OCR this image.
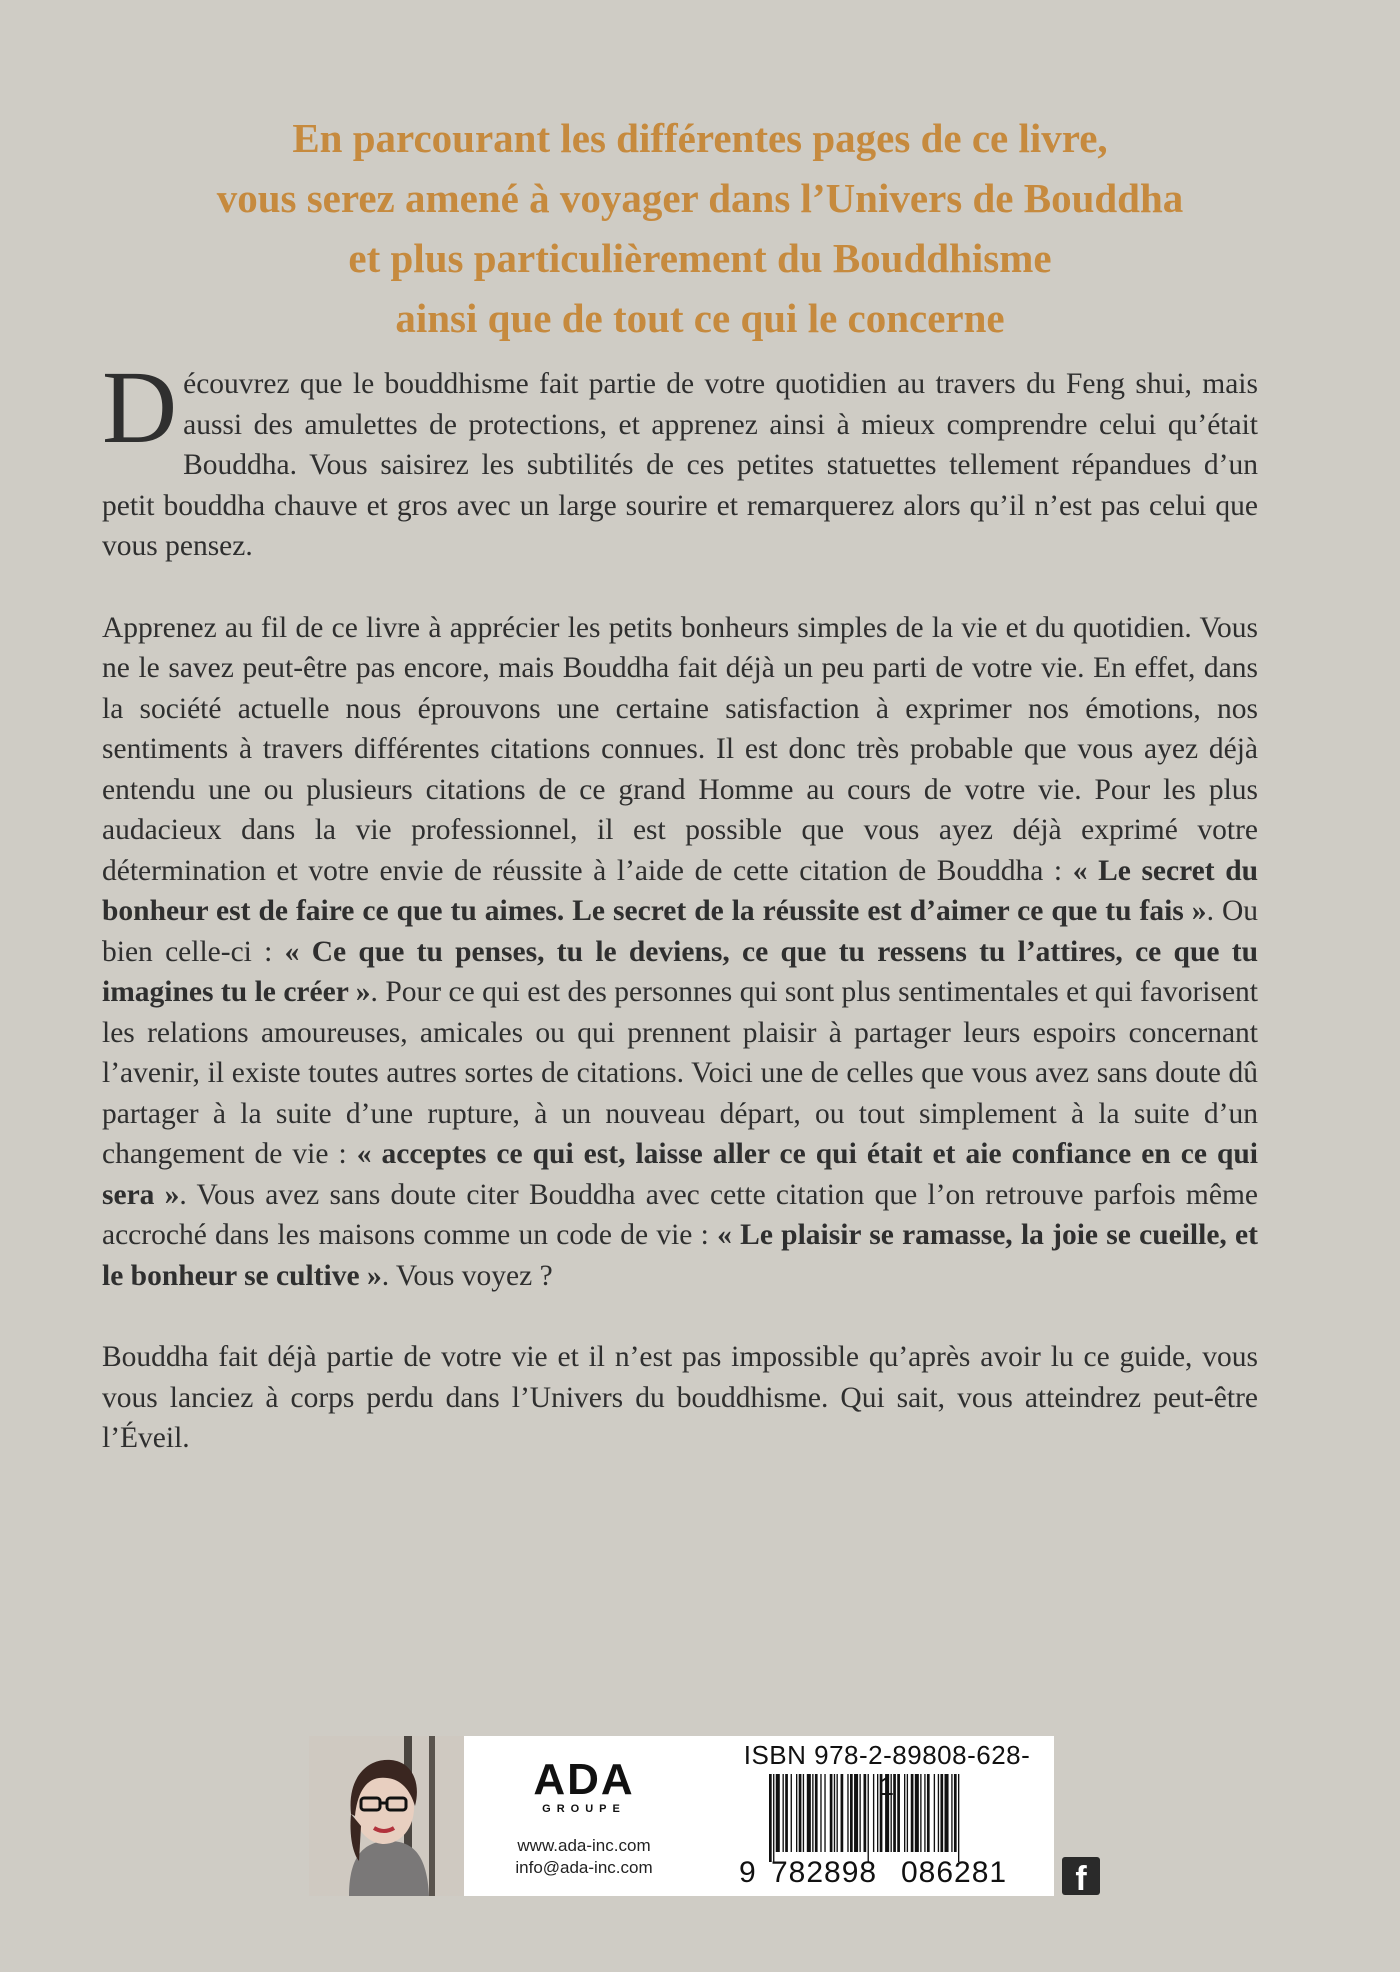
En parcourant les différentes pages de ce livre,
vous serez amené à voyager dans l’Univers de Bouddha
et plus particulièrement du Bouddhisme
ainsi que de tout ce qui le concerne

Découvrez que le bouddhisme fait partie de votre quotidien au travers du Feng shui, mais aussi des amulettes de protections, et apprenez ainsi à mieux comprendre celui qu’était Bouddha. Vous saisirez les subtilités de ces petites statuettes tellement répandues d’un petit bouddha chauve et gros avec un large sourire et remarquerez alors qu’il n’est pas celui que vous pensez.

Apprenez au fil de ce livre à apprécier les petits bonheurs simples de la vie et du quotidien. Vous ne le savez peut-être pas encore, mais Bouddha fait déjà un peu parti de votre vie. En effet, dans la société actuelle nous éprouvons une certaine satisfaction à exprimer nos émotions, nos sentiments à travers différentes citations connues. Il est donc très probable que vous ayez déjà entendu une ou plusieurs citations de ce grand Homme au cours de votre vie. Pour les plus audacieux dans la vie professionnel, il est possible que vous ayez déjà exprimé votre détermination et votre envie de réussite à l’aide de cette citation de Bouddha : « Le secret du bonheur est de faire ce que tu aimes. Le secret de la réussite est d’aimer ce que tu fais ». Ou bien celle-ci : « Ce que tu penses, tu le deviens, ce que tu ressens tu l’attires, ce que tu imagines tu le créer ». Pour ce qui est des personnes qui sont plus sentimentales et qui favorisent les relations amoureuses, amicales ou qui prennent plaisir à partager leurs espoirs concernant l’avenir, il existe toutes autres sortes de citations. Voici une de celles que vous avez sans doute dû partager à la suite d’une rupture, à un nouveau départ, ou tout simplement à la suite d’un changement de vie : « acceptes ce qui est, laisse aller ce qui était et aie confiance en ce qui sera ». Vous avez sans doute citer Bouddha avec cette citation que l’on retrouve parfois même accroché dans les maisons comme un code de vie : « Le plaisir se ramasse, la joie se cueille, et le bonheur se cultive ». Vous voyez ?

Bouddha fait déjà partie de votre vie et il n’est pas impossible qu’après avoir lu ce guide, vous vous lanciez à corps perdu dans l’Univers du bouddhisme. Qui sait, vous atteindrez peut-être l’Éveil.

ADA
GROUPE
www.ada-inc.com
info@ada-inc.com
ISBN 978-2-89808-628-
9 782898 086281	f
